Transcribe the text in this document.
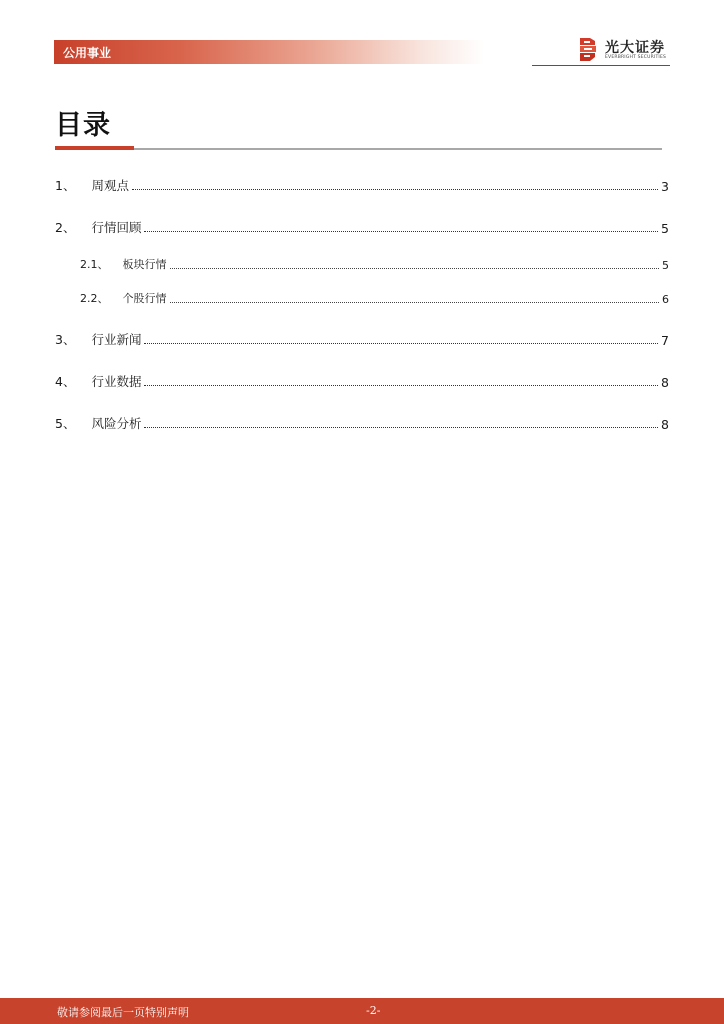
公用事业	光大证券
EVERBRIGHT SECURITIES
目录
1、	周观点	3
2、	行情回顾	5
2.1、	板块行情	5
2.2、	个股行情	6
3、	行业新闻	7
4、	行业数据	8
5、	风险分析	8
敬请参阅最后一页特别声明	-2-
